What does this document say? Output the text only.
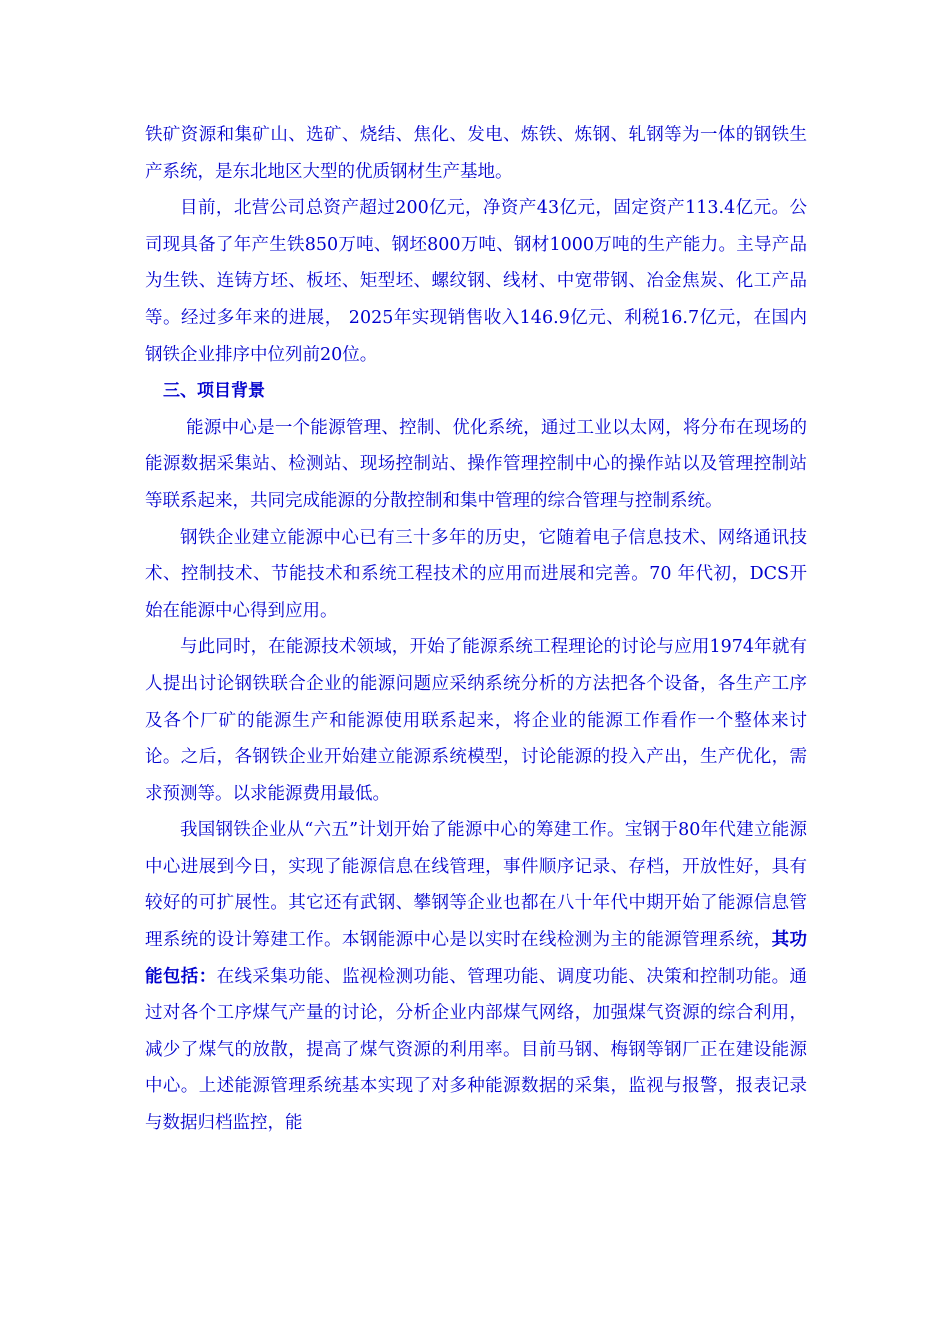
铁矿资源和集矿山、选矿、烧结、焦化、发电、炼铁、炼钢、轧钢等为一体的钢铁生产系统，是东北地区大型的优质钢材生产基地。

目前，北营公司总资产超过200亿元，净资产43亿元，固定资产113.4亿元。公司现具备了年产生铁850万吨、钢坯800万吨、钢材1000万吨的生产能力。主导产品为生铁、连铸方坯、板坯、矩型坯、螺纹钢、线材、中宽带钢、冶金焦炭、化工产品等。经过多年来的进展， 2025年实现销售收入146.9亿元、利税16.7亿元，在国内钢铁企业排序中位列前20位。

三、项目背景

能源中心是一个能源管理、控制、优化系统，通过工业以太网，将分布在现场的能源数据采集站、检测站、现场控制站、操作管理控制中心的操作站以及管理控制站等联系起来，共同完成能源的分散控制和集中管理的综合管理与控制系统。

钢铁企业建立能源中心已有三十多年的历史，它随着电子信息技术、网络通讯技术、控制技术、节能技术和系统工程技术的应用而进展和完善。70 年代初，DCS开始在能源中心得到应用。

与此同时，在能源技术领域，开始了能源系统工程理论的讨论与应用1974年就有人提出讨论钢铁联合企业的能源问题应采纳系统分析的方法把各个设备，各生产工序及各个厂矿的能源生产和能源使用联系起来，将企业的能源工作看作一个整体来讨论。之后，各钢铁企业开始建立能源系统模型，讨论能源的投入产出，生产优化，需求预测等。以求能源费用最低。

我国钢铁企业从“六五”计划开始了能源中心的筹建工作。宝钢于80年代建立能源中心进展到今日，实现了能源信息在线管理，事件顺序记录、存档，开放性好，具有较好的可扩展性。其它还有武钢、攀钢等企业也都在八十年代中期开始了能源信息管理系统的设计筹建工作。本钢能源中心是以实时在线检测为主的能源管理系统，其功能包括：在线采集功能、监视检测功能、管理功能、调度功能、决策和控制功能。通过对各个工序煤气产量的讨论，分析企业内部煤气网络，加强煤气资源的综合利用，减少了煤气的放散，提高了煤气资源的利用率。目前马钢、梅钢等钢厂正在建设能源中心。上述能源管理系统基本实现了对多种能源数据的采集，监视与报警，报表记录与数据归档监控，能
